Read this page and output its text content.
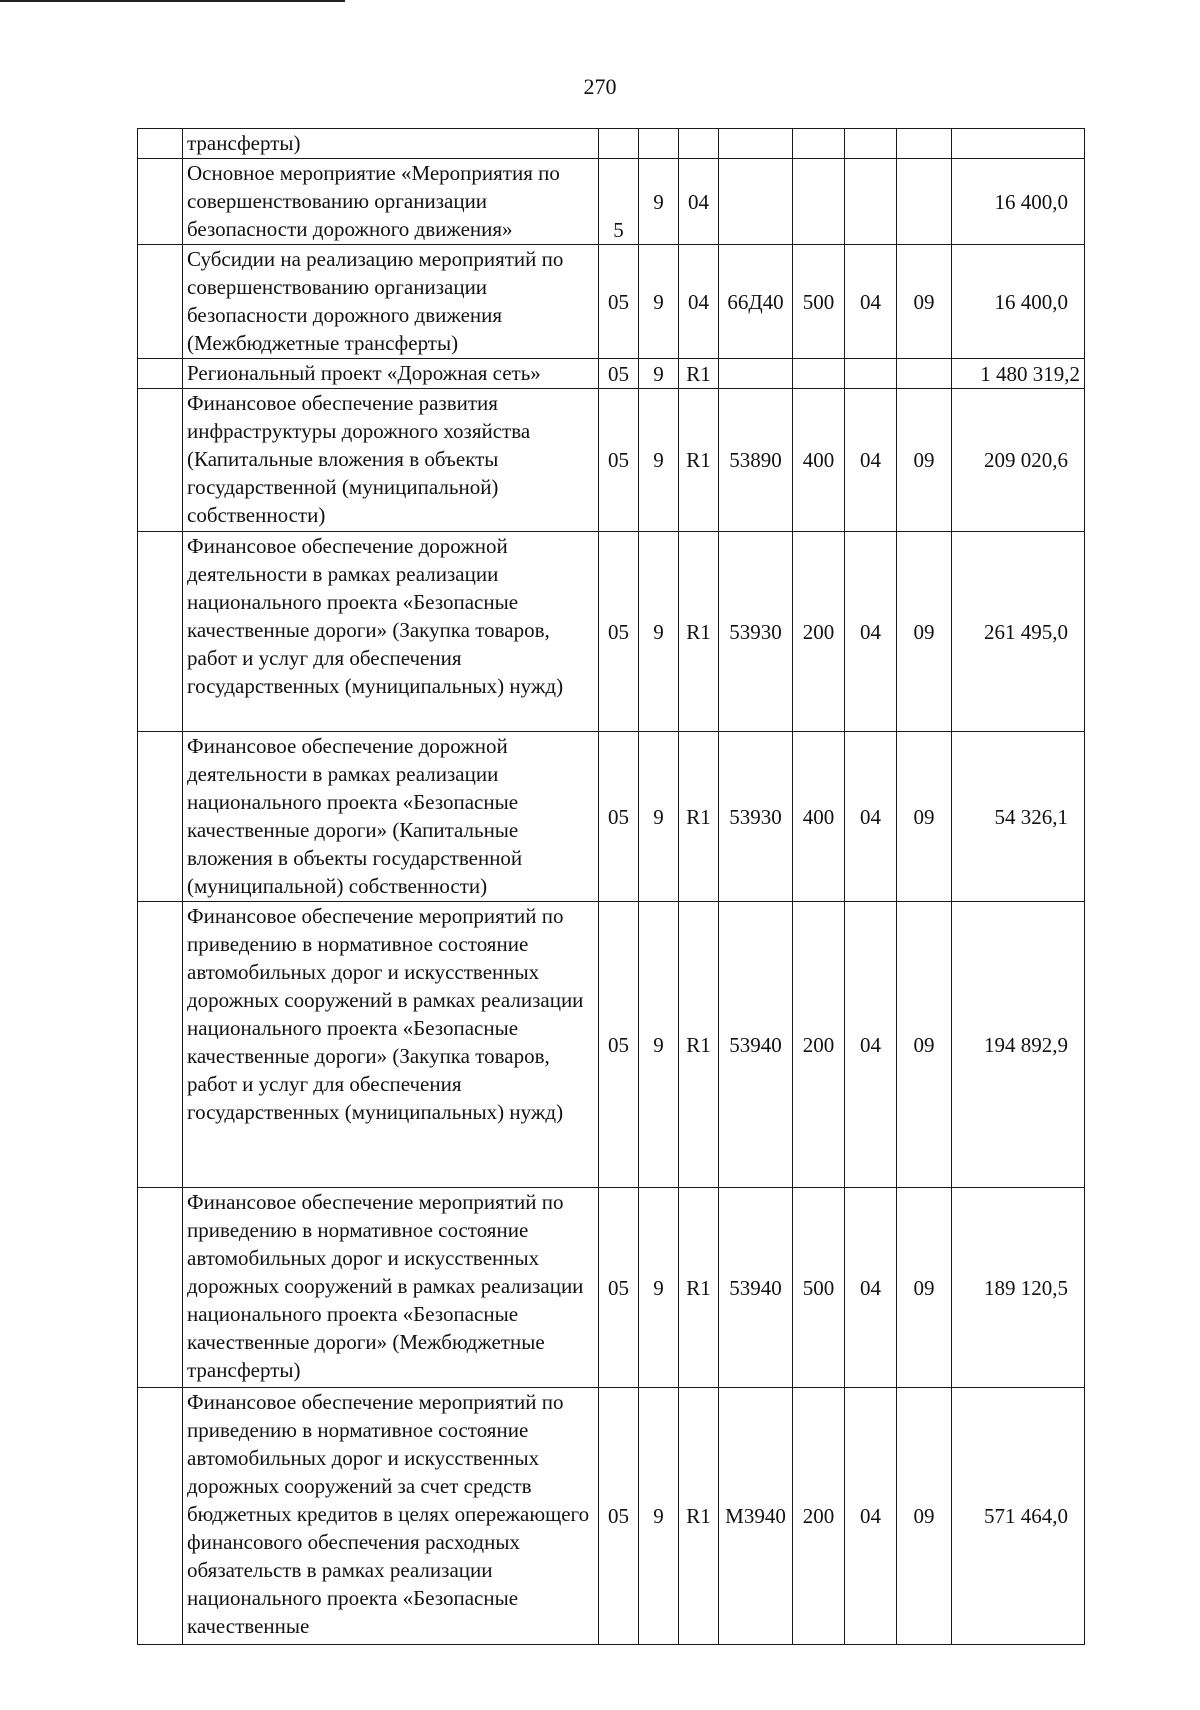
270
	трансферты)								
	Основное мероприятие «Мероприятия по совершенствованию организации безопасности дорожного движения»	5	9	04					16 400,0
	Субсидии на реализацию мероприятий по совершенствованию организации безопасности дорожного движения (Межбюджетные трансферты)	05	9	04	66Д40	500	04	09	16 400,0
	Региональный проект «Дорожная сеть»	05	9	R1					1 480 319,2
	Финансовое обеспечение развития инфраструктуры дорожного хозяйства (Капитальные вложения в объекты государственной (муниципальной) собственности)	05	9	R1	53890	400	04	09	209 020,6
	Финансовое обеспечение дорожной деятельности в рамках реализации национального проекта «Безопасные качественные дороги» (Закупка товаров, работ и услуг для обеспечения государственных (муниципальных) нужд)	05	9	R1	53930	200	04	09	261 495,0
	Финансовое обеспечение дорожной деятельности в рамках реализации национального проекта «Безопасные качественные дороги» (Капитальные вложения в объекты государственной (муниципальной) собственности)	05	9	R1	53930	400	04	09	54 326,1
	Финансовое обеспечение мероприятий по приведению в нормативное состояние автомобильных дорог и искусственных дорожных сооружений в рамках реализации национального проекта «Безопасные качественные дороги» (Закупка товаров, работ и услуг для обеспечения государственных (муниципальных) нужд)	05	9	R1	53940	200	04	09	194 892,9
	Финансовое обеспечение мероприятий по приведению в нормативное состояние автомобильных дорог и искусственных дорожных сооружений в рамках реализации национального проекта «Безопасные качественные дороги» (Межбюджетные трансферты)	05	9	R1	53940	500	04	09	189 120,5
	Финансовое обеспечение мероприятий по приведению в нормативное состояние автомобильных дорог и искусственных дорожных сооружений за счет средств бюджетных кредитов в целях опережающего финансового обеспечения расходных обязательств в рамках реализации национального проекта «Безопасные качественные	05	9	R1	М3940	200	04	09	571 464,0
